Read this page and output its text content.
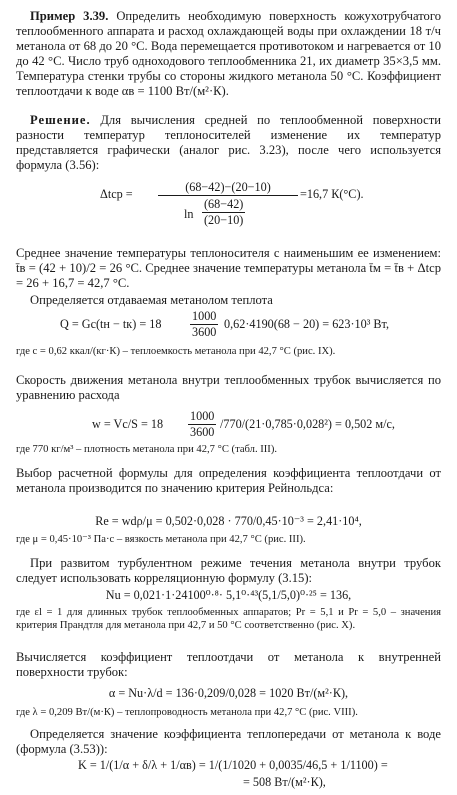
Пример 3.39. Определить необходимую поверхность кожухотрубчатого теплообменного аппарата и расход охлаждающей воды при охлаждении 18 т/ч метанола от 68 до 20 °C. Вода перемещается противотоком и нагревается от 10 до 42 °C. Число труб одноходового теплообменника 21, их диаметр 35×3,5 мм. Температура стенки трубы со стороны жидкого метанола 50 °C. Коэффициент теплоотдачи к воде αв = 1100 Вт/(м²·К).
Решение. Для вычисления средней по теплообменной поверхности разности температур теплоносителей изменение их температур представляется графически (аналог рис. 3.23), после чего используется формула (3.56):
$\Delta tср = \frac{(68-42)-(20-10)}{\ln \frac{(68-42)}{(20-10)}} =16,7$ К(°С).
Среднее значение температуры теплоносителя с наименьшим ее изменением: t̄в = (42 + 10)/2 = 26 °C. Среднее значение температуры метанола t̄м = t̄в + Δtср = 26 + 16,7 = 42,7 °C.
Определяется отдаваемая метанолом теплота
$Q = Gc(tн - tк) = 18 \frac{1000}{3600} 0,62\cdot 4190(68 - 20) = 623\cdot 10^3$ Вт,
где c = 0,62 ккал/(кг·К) – теплоемкость метанола при 42,7 °C (рис. IX).
Скорость движения метанола внутри теплообменных трубок вычисляется по уравнению расхода
$w = Vс/S = 18 \frac{1000}{3600} /770/(21\cdot 0,785\cdot 0,028^2) = 0,502$ м/с,
где 770 кг/м³ – плотность метанола при 42,7 °C (табл. III).
Выбор расчетной формулы для определения коэффициента теплоотдачи от метанола производится по значению критерия Рейнольдса:
Re = wdρ/μ = 0,502·0,028 · 770/0,45·10⁻³ = 2,41·10⁴,
где μ = 0,45·10⁻³ Па·с – вязкость метанола при 42,7 °C (рис. III).
При развитом турбулентном режиме течения метанола внутри трубок следует использовать корреляционную формулу (3.15):
Nu = 0,021·1·24100⁰·⁸· 5,1⁰·⁴³(5,1/5,0)⁰·²⁵ = 136,
где εl = 1 для длинных трубок теплообменных аппаратов; Pr = 5,1 и Pr = 5,0 – значения критерия Прандтля для метанола при 42,7 и 50 °C соответственно (рис. X).
Вычисляется коэффициент теплоотдачи от метанола к внутренней поверхности трубок:
α = Nu·λ/d = 136·0,209/0,028 = 1020 Вт/(м²·К),
где λ = 0,209 Вт/(м·К) – теплопроводность метанола при 42,7 °C (рис. VIII).
Определяется значение коэффициента теплопередачи от метанола к воде (формула (3.53)):
K = 1/(1/α + δ/λ + 1/αв) = 1/(1/1020 + 0,0035/46,5 + 1/1100) =
= 508 Вт/(м²·К),
